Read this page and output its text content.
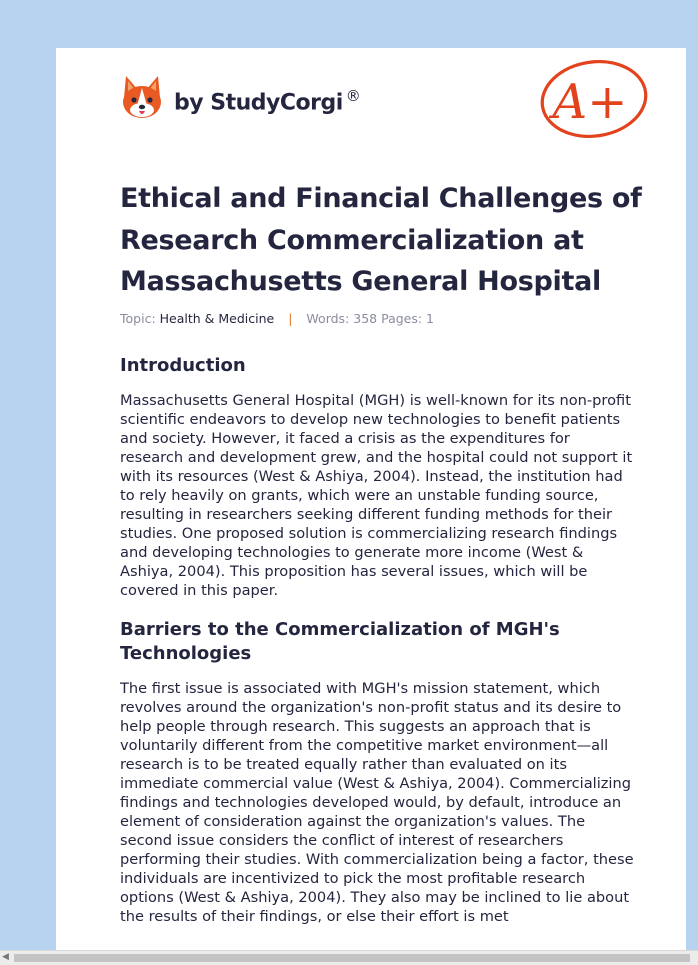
by StudyCorgi ®	A+
Ethical and Financial Challenges of Research Commercialization at Massachusetts General Hospital
Topic: Health & Medicine | Words: 358 Pages: 1
Introduction

Massachusetts General Hospital (MGH) is well-known for its non-profit scientific endeavors to develop new technologies to benefit patients and society. However, it faced a crisis as the expenditures for research and development grew, and the hospital could not support it with its resources (West & Ashiya, 2004). Instead, the institution had to rely heavily on grants, which were an unstable funding source, resulting in researchers seeking different funding methods for their studies. One proposed solution is commercializing research findings and developing technologies to generate more income (West & Ashiya, 2004). This proposition has several issues, which will be covered in this paper.

Barriers to the Commercialization of MGH's Technologies

The first issue is associated with MGH's mission statement, which revolves around the organization's non-profit status and its desire to help people through research. This suggests an approach that is voluntarily different from the competitive market environment—all research is to be treated equally rather than evaluated on its immediate commercial value (West & Ashiya, 2004). Commercializing findings and technologies developed would, by default, introduce an element of consideration against the organization's values. The second issue considers the conflict of interest of researchers performing their studies. With commercialization being a factor, these individuals are incentivized to pick the most profitable research options (West & Ashiya, 2004). They also may be inclined to lie about the results of their findings, or else their effort is met

◀
